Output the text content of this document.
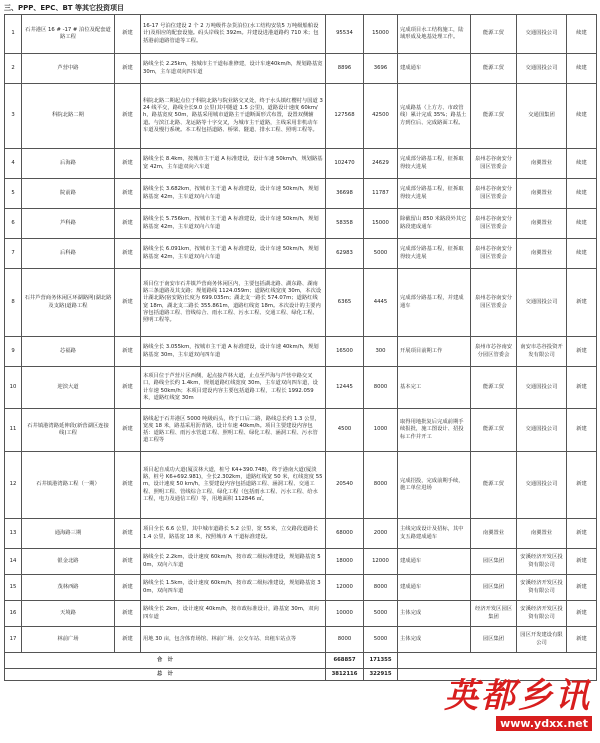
三、PPP、EPC、BT 等其它投资项目
1	石井港区 16 # -17 # 泊位及配套道路工程	新建	16-17 号泊位建设 2 个 2 万吨级件杂货泊位(水工结构安装5 万吨级船舶设计)及相应的配套设施。码头岸线长 392m。并建设进港道路约 710 米；包括港前道路管道等工程。	95534	15000	完成项目水工结构施工，陆域形成及地基处理工作。	能源工贸	交通国投公司	续建
2	芦营中路	新建	路线全长 2.25km，按城市主干道标准修建，设计车速40km/h，规划路基宽 30m，主车道双向四车道	8896	3696	建成通车	能源工贸	交通国投公司	续建
3	科院北路二期	新建	科院北路二期起点位于科院北路与院业路交叉处，终于水头镇红樱村与国道 324 线平交，路线全长9.0 公里(其中隧道 1.5 公里)，道路设计速度 60km/h，路基宽度 50m，路基采用城市道路主干道断面形式布置，设置双侧辅道。与滨江北路、龙运路等十字交叉，为城市主干道路，主线采用非机动车车道及慢行系统。本工程包括道路、桥梁、隧道、排水工程、照明工程等。	127568	42500	完成路基（上方方、市政管线）累计完成 35%；路基土方到位后、完成路面工程。	能源工贸	交通国集团	续建
4	后海路	新建	路线全长 8.4km，按城市主干道 A 标准建设，设计车速 50km/h，规划路基宽 42m，主车道双向六车道	102470	24629	完成部分路基工程，征拆取得较大进展	泉州芯谷南安分园区管委会	南翼置业	续建
5	院前路	新建	路线全长 3.682km，按城市主干道 A 标准建设，设计车速 50km/h，规划路基宽 42m，主车道双向六车道	36698	11787	完成部分路基工程，征拆取得较大进展	泉州芯谷南安分园区管委会	南翼置业	续建
6	芦科路	新建	路线全长 5.756km，按城市主干道 A 标准建设，设计车速 50km/h，规划路基宽 42m，主车道双向六车道	58358	15000	除截留山 850 米路段外其它路段建成通车	泉州芯谷南安分园区管委会	南翼置业	续建
7	后科路	新建	路线全长 6.091km，按城市主干道 A 标准建设，设计车速 50km/h，规划路基宽 42m，主车道双向六车道	62983	5000	完成部分路基工程，征拆取得较大进展	泉州芯谷南安分园区管委会	南翼置业	续建
8	石井芦营商务休闲区环湖路网(湖北路及支路)道路工程	新建	项目位于南安市石井镇芦营商务休闲区内，主要包括湖北路、湖东路、湖南路三条道路及其支路；规划路线 1124.059m；道路红线宽度 30m，本次设计湖北路(宿安路)长度为 699.035m；湖北支一路长 574.07m；道路红线宽 18m，湖北支二路长 355.861m，道路红线宽 18m。本次设计的主要内容包括道路工程、管线综合、雨水工程、污水工程、交通工程、绿化工程、照明工程等。	6365	4445	完成部分路基工程，并建成通车	泉州芯谷南安分园区管委会	交通国投公司	新建
9	芯福路	新建	路线全长 3.055km，按城市主干道 A 标准建设，设计车速 40km/h，规划路基宽 30m，主车道双向四车道	16500	300	开展项目前期工作	泉州市芯谷南安分园区管委会	南安市芯谷投资开发有限公司	新建
10	迎滨大道	新建	本项目位于芦营片区西侧，起点接芦林大道，止点至芦海与芦营中路交叉口，路线全长约 1.4km，规划道路红线宽度 30m，主车道双向四车道，设计车速 50km/h；本项目建设内容主要包括道路工程，工程长 1992.059 米，道路红线宽 30m	12445	8000	基本完工	能源工贸	交通国投公司	新建
11	石井镇港湾路延伸段(新营湖区连接线)工程	新建	路线起于石井港区 5000 吨级码头，终于口后二路，路线总长约 1.3 公里，宽度 18 米，路基采用沥青路，设计车速 40km/h。项目主要建设内容包括：道路工程、雨污水管道工程、照明工程、绿化工程、涵洞工程、污水管道工程等	4500	1000	取得用地批复后完成前期手续报批，施工图设计、招投标工作并开工	能源工贸	交通国投公司	新建
12	石井镇港湾路工程（一期）	新建	项目起自成功大道(厦贡林大道，桩号 K4+390.748)，终于港南大道(厦淡路，桩号 K6+692.981)，全长2.302km，道路红线宽 50 米，红线宽度 55m，设计速度 50 km/h，主要建设内容包括道路工程、涵洞工程、交通工程、照明工程、管线综合工程、绿化工程（包括雨水工程、污水工程、给水工程，电力及通信工程）等，用地面积 112846 ㎡。	20540	8000	完成招投，完成前期手续，施工单位进场	能源工贸	交通国投公司	新建
13	通海路三期	新建	项目全长 6.6 公里，其中城市道路长 5.2 公里，宽 55米，立交路段道路长 1.4 公里，路基宽 18 米，按照城市 A 干道标准建设。	68000	2000	主线完成设计及招标，其中支五路建成通车	南翼置业	南翼置业	新建
14	银金北路	新建	路线全长 2.2km，设计速度 60km/h，按市政二级标准建设，规划路基宽 50m，双向六车道	18000	12000	建成通车	园区集团	安溪经济开发区投资有限公司	新建
15	茂林西路	新建	路线全长 1.5km，设计速度 60km/h，按市政二级标准建设，规划路基宽 30m，双向四车道	12000	8000	建成通车	园区集团	安溪经济开发区投资有限公司	新建
16	天境路	新建	路线全长 2km，设计速度 40km/h，按市政标准设计，路基宽 30m，双向四车道	10000	5000	主体完成	经济开发区园区集团	安溪经济开发区投资有限公司	新建
17	林前广场	新建	用地 30 亩，包含体育场馆、林前广场、公交车站、出租车站点等	8000	5000	主体完成	园区集团	园区开发建设有限公司	新建
合　计				668857	171355				
总　计				3812116	322915				
英都乡讯
www.ydxx.net
